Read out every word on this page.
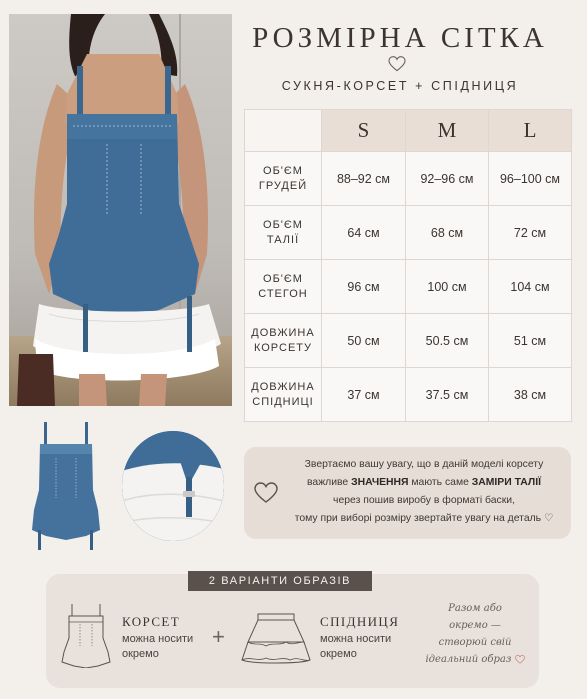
РОЗМІРНА СІТКА
СУКНЯ-КОРСЕТ + СПІДНИЦЯ
	S	M	L
ОБ'ЄМ
ГРУДЕЙ	88–92 см	92–96 см	96–100 см
ОБ'ЄМ
ТАЛІЇ	64 см	68 см	72 см
ОБ'ЄМ
СТЕГОН	96 см	100 см	104 см
ДОВЖИНА
КОРСЕТУ	50 см	50.5 см	51 см
ДОВЖИНА
СПІДНИЦІ	37 см	37.5 см	38 см
Звертаємо вашу увагу, що в даній моделі корсету
важливе ЗНАЧЕННЯ мають саме ЗАМІРИ ТАЛІЇ
через пошив виробу в форматі баски,
тому при виборі розміру звертайте увагу на деталь ♡
2 ВАРІАНТИ ОБРАЗІВ
КОРСЕТ
можна носити
окремо
+
СПІДНИЦЯ
можна носити
окремо
Разом або
окремо —
створюй свій
ідеальний образ
